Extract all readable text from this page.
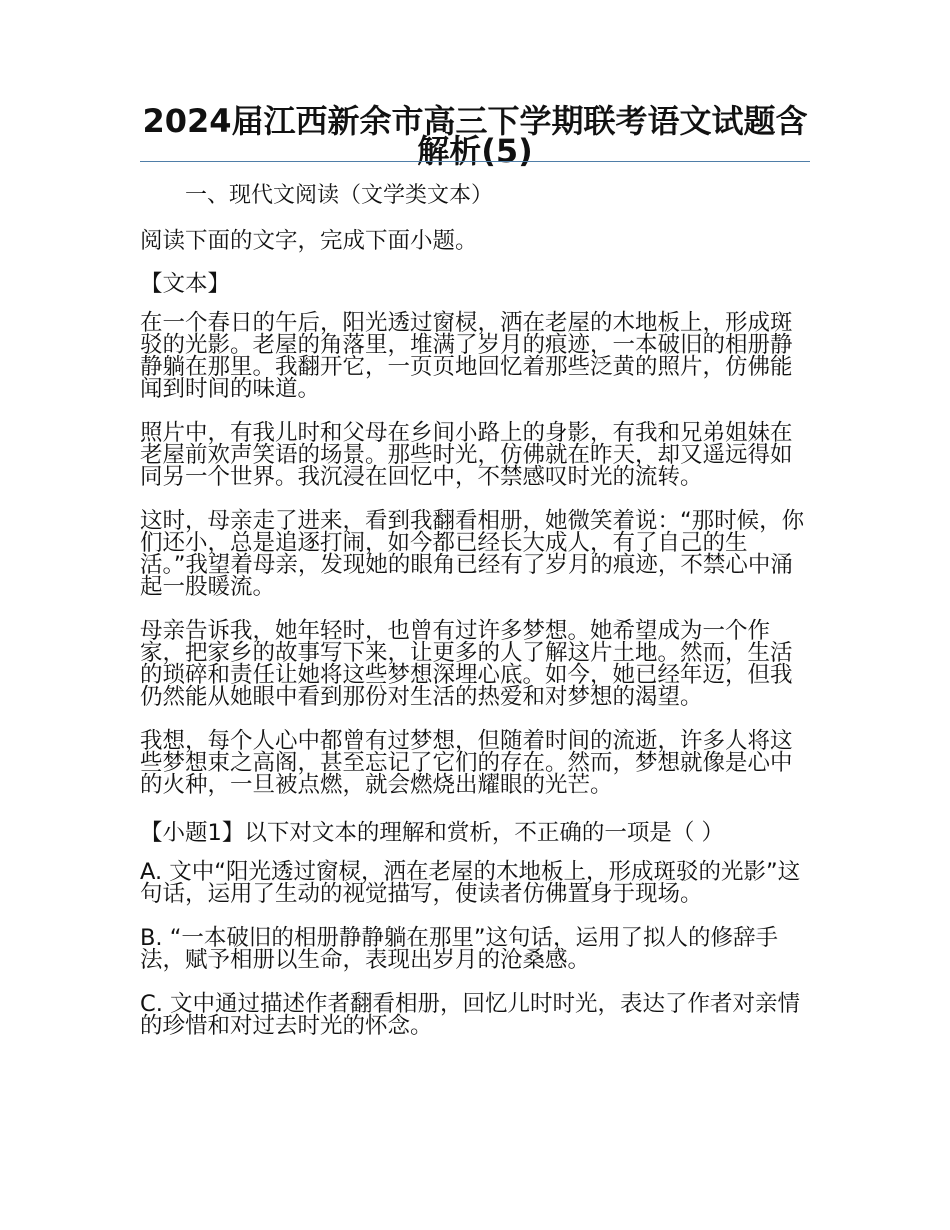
2024届江西新余市高三下学期联考语文试题含解析(5)
一、现代文阅读（文学类文本）

阅读下面的文字，完成下面小题。

【文本】

在一个春日的午后，阳光透过窗棂，洒在老屋的木地板上，形成斑驳的光影。老屋的角落里，堆满了岁月的痕迹，一本破旧的相册静静躺在那里。我翻开它，一页页地回忆着那些泛黄的照片，仿佛能闻到时间的味道。

照片中，有我儿时和父母在乡间小路上的身影，有我和兄弟姐妹在老屋前欢声笑语的场景。那些时光，仿佛就在昨天，却又遥远得如同另一个世界。我沉浸在回忆中，不禁感叹时光的流转。

这时，母亲走了进来，看到我翻看相册，她微笑着说：“那时候，你们还小，总是追逐打闹，如今都已经长大成人，有了自己的生活。”我望着母亲，发现她的眼角已经有了岁月的痕迹，不禁心中涌起一股暖流。

母亲告诉我，她年轻时，也曾有过许多梦想。她希望成为一个作家，把家乡的故事写下来，让更多的人了解这片土地。然而，生活的琐碎和责任让她将这些梦想深埋心底。如今，她已经年迈，但我仍然能从她眼中看到那份对生活的热爱和对梦想的渴望。

我想，每个人心中都曾有过梦想，但随着时间的流逝，许多人将这些梦想束之高阁，甚至忘记了它们的存在。然而，梦想就像是心中的火种，一旦被点燃，就会燃烧出耀眼的光芒。

【小题1】以下对文本的理解和赏析，不正确的一项是（ ）

A. 文中“阳光透过窗棂，洒在老屋的木地板上，形成斑驳的光影”这句话，运用了生动的视觉描写，使读者仿佛置身于现场。

B. “一本破旧的相册静静躺在那里”这句话，运用了拟人的修辞手法，赋予相册以生命，表现出岁月的沧桑感。

C. 文中通过描述作者翻看相册，回忆儿时时光，表达了作者对亲情的珍惜和对过去时光的怀念。
